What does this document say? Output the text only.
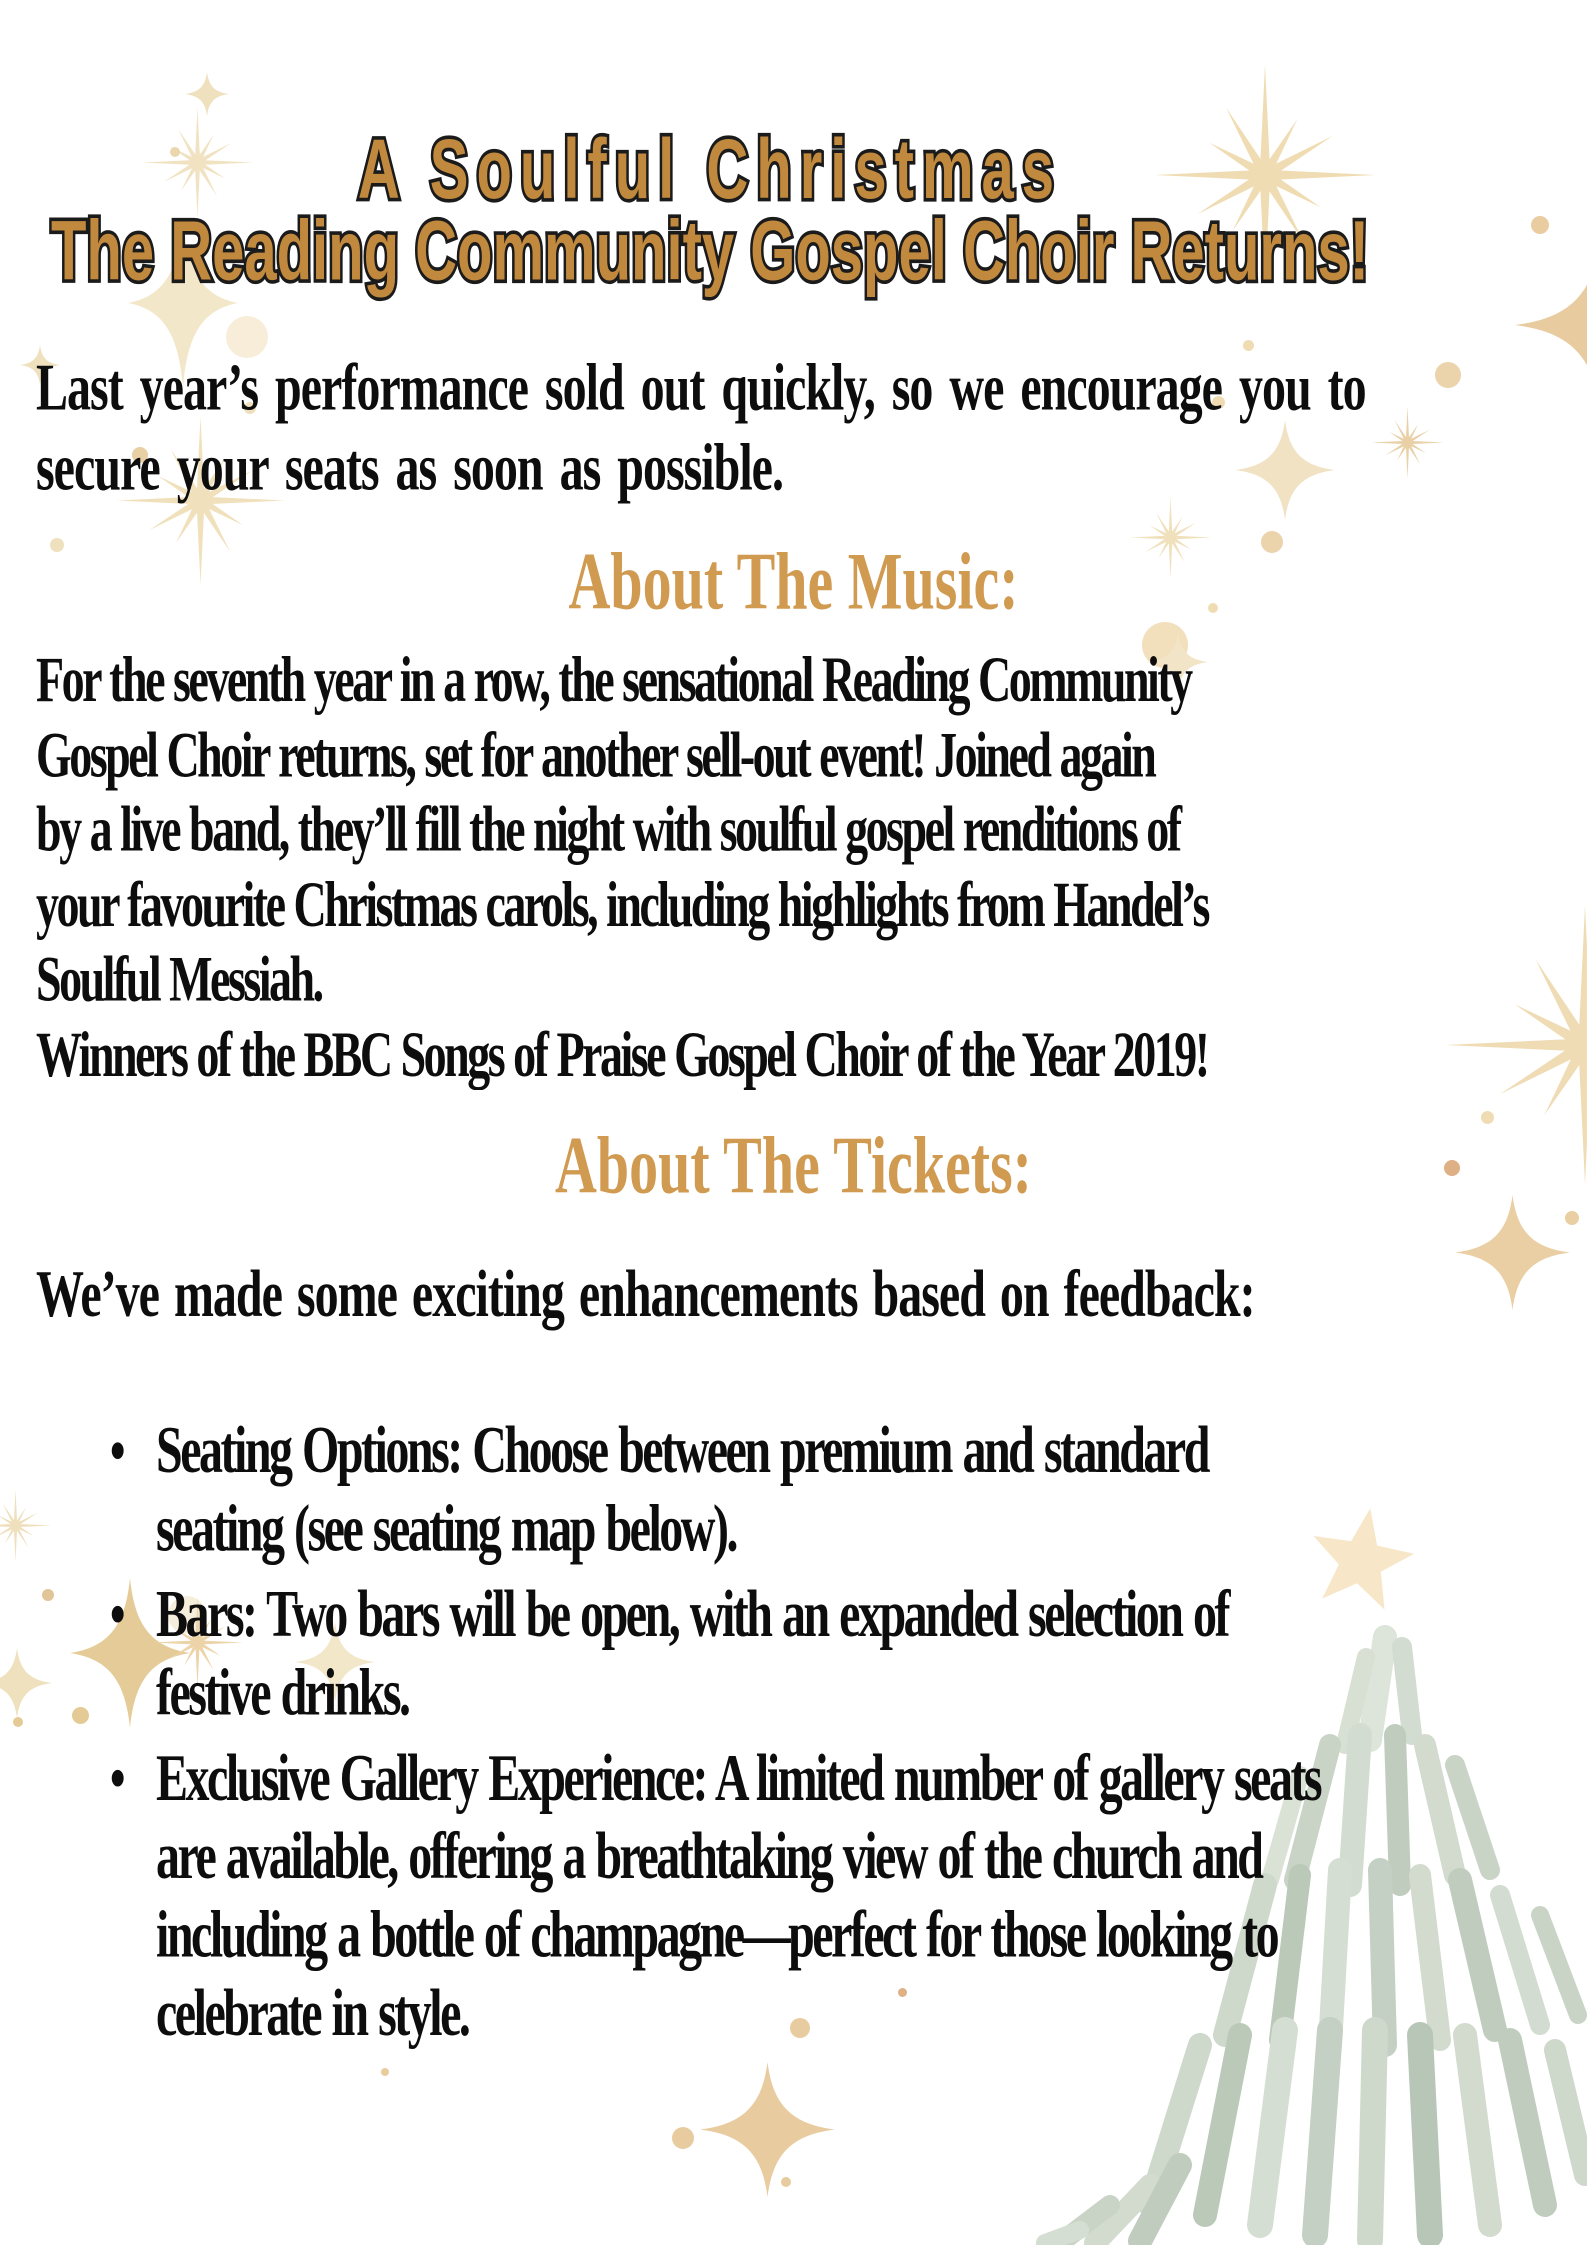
A Soulful Christmas
The Reading Community Gospel Choir Returns!
Last year’s performance sold out quickly, so we encourage you to
secure your seats as soon as possible.
About The Music:
For the seventh year in a row, the sensational Reading Community
Gospel Choir returns, set for another sell-out event! Joined again
by a live band, they’ll fill the night with soulful gospel renditions of
your favourite Christmas carols, including highlights from Handel’s
Soulful Messiah.
Winners of the BBC Songs of Praise Gospel Choir of the Year 2019!
About The Tickets:
We’ve made some exciting enhancements based on feedback:
• Seating Options: Choose between premium and standard
seating (see seating map below).
• Bars: Two bars will be open, with an expanded selection of
festive drinks.
• Exclusive Gallery Experience: A limited number of gallery seats
are available, offering a breathtaking view of the church and
including a bottle of champagne—perfect for those looking to
celebrate in style.
